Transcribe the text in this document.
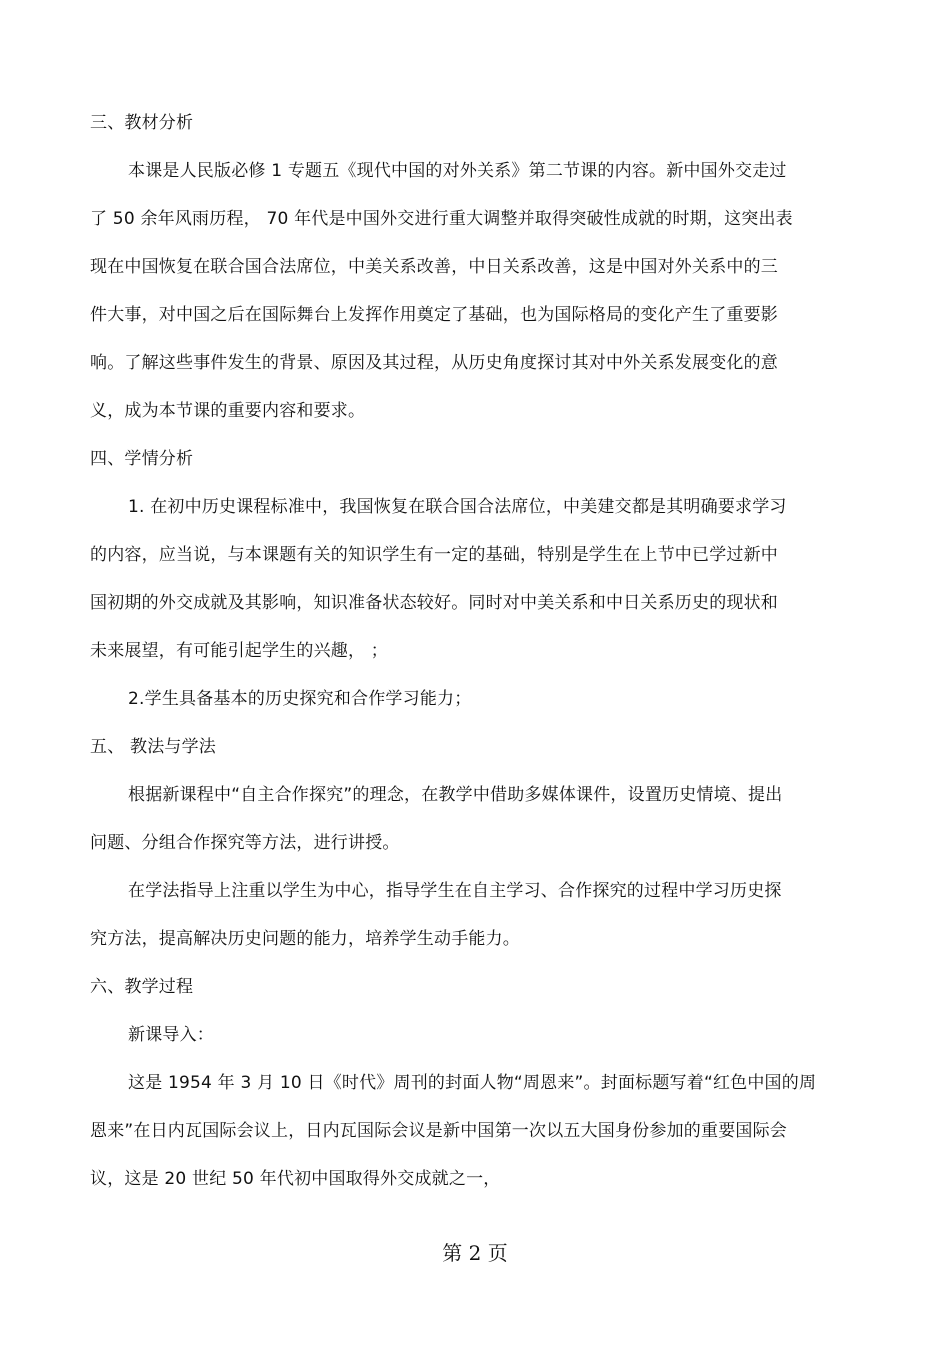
三、教材分析
本课是人民版必修 1 专题五《现代中国的对外关系》第二节课的内容。新中国外交走过
了 50 余年风雨历程， 70 年代是中国外交进行重大调整并取得突破性成就的时期，这突出表
现在中国恢复在联合国合法席位，中美关系改善，中日关系改善，这是中国对外关系中的三
件大事，对中国之后在国际舞台上发挥作用奠定了基础，也为国际格局的变化产生了重要影
响。了解这些事件发生的背景、原因及其过程，从历史角度探讨其对中外关系发展变化的意
义，成为本节课的重要内容和要求。
四、学情分析
1. 在初中历史课程标准中，我国恢复在联合国合法席位，中美建交都是其明确要求学习
的内容，应当说，与本课题有关的知识学生有一定的基础，特别是学生在上节中已学过新中
国初期的外交成就及其影响，知识准备状态较好。同时对中美关系和中日关系历史的现状和
未来展望，有可能引起学生的兴趣， ；
2.学生具备基本的历史探究和合作学习能力；
五、 教法与学法
根据新课程中“自主合作探究”的理念，在教学中借助多媒体课件，设置历史情境、提出
问题、分组合作探究等方法，进行讲授。
在学法指导上注重以学生为中心，指导学生在自主学习、合作探究的过程中学习历史探
究方法，提高解决历史问题的能力，培养学生动手能力。
六、教学过程
新课导入：
这是 1954 年 3 月 10 日《时代》周刊的封面人物“周恩来”。封面标题写着“红色中国的周
恩来”在日内瓦国际会议上，日内瓦国际会议是新中国第一次以五大国身份参加的重要国际会
议，这是 20 世纪 50 年代初中国取得外交成就之一，
第 2 页
